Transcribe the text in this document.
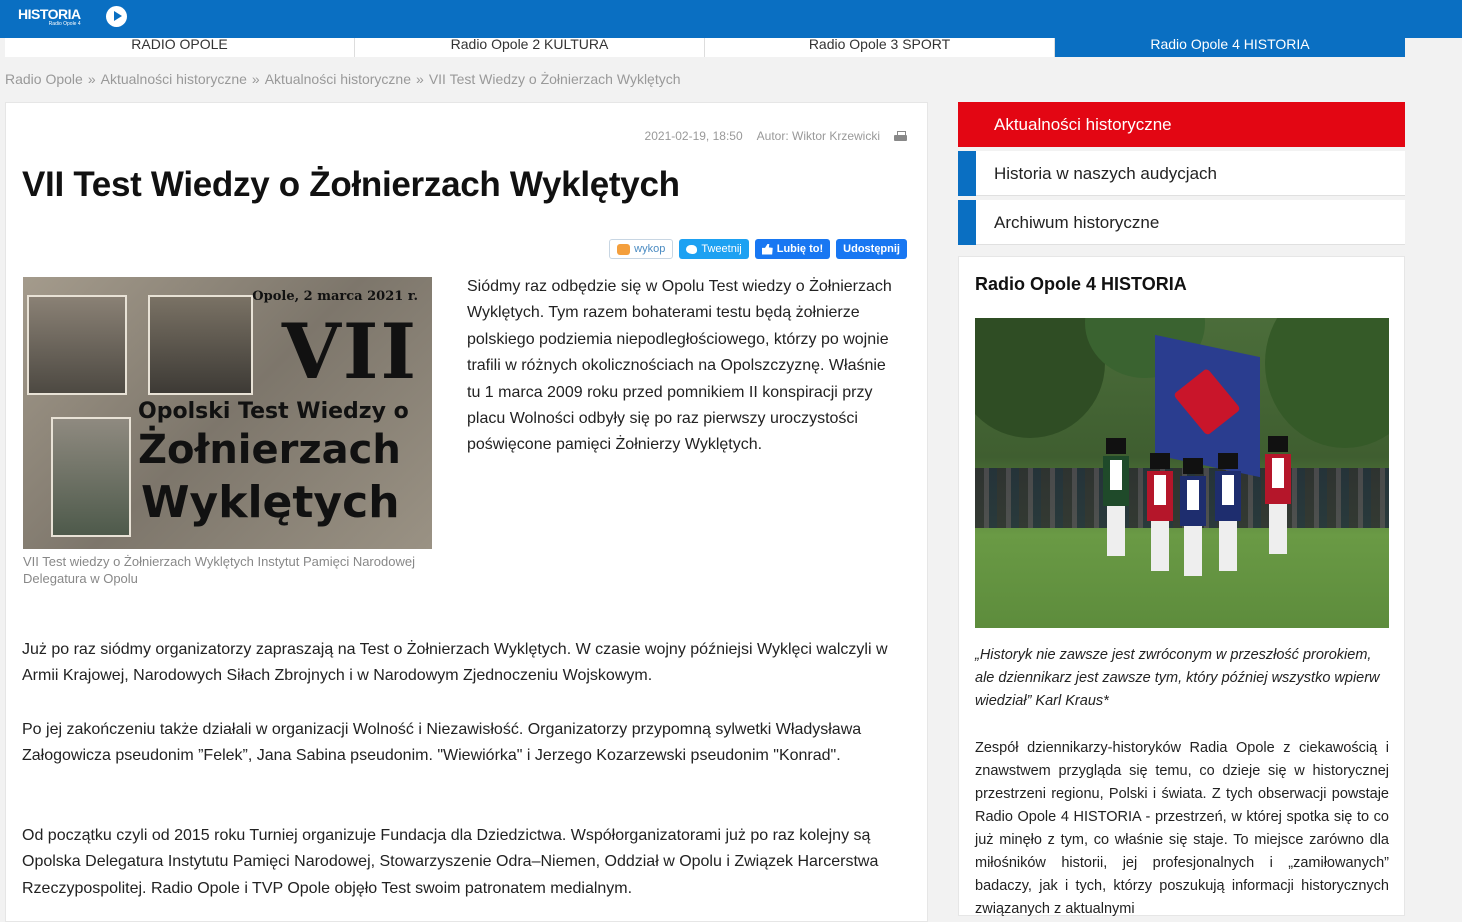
HISTORIA
Radio Opole 4
RADIO OPOLE	Radio Opole 2 KULTURA	Radio Opole 3 SPORT	Radio Opole 4 HISTORIA
Radio Opole » Aktualności historyczne » Aktualności historyczne » VII Test Wiedzy o Żołnierzach Wyklętych
2021-02-19, 18:50 Autor: Wiktor Krzewicki
VII Test Wiedzy o Żołnierzach Wyklętych
wykop	Tweetnij	Lubię to! Udostępnij
Opole, 2 marca 2021 r.
VII
Opolski Test Wiedzy o
Żołnierzach
Wyklętych
VII Test wiedzy o Żołnierzach Wyklętych Instytut Pamięci Narodowej Delegatura w Opolu
Siódmy raz odbędzie się w Opolu Test wiedzy o Żołnierzach Wyklętych. Tym razem bohaterami testu będą żołnierze polskiego podziemia niepodległościowego, którzy po wojnie trafili w różnych okolicznościach na Opolszczyznę. Właśnie tu 1 marca 2009 roku przed pomnikiem II konspiracji przy placu Wolności odbyły się po raz pierwszy uroczystości poświęcone pamięci Żołnierzy Wyklętych.

Już po raz siódmy organizatorzy zapraszają na Test o Żołnierzach Wyklętych. W czasie wojny późniejsi Wyklęci walczyli w Armii Krajowej, Narodowych Siłach Zbrojnych i w Narodowym Zjednoczeniu Wojskowym.

Po jej zakończeniu także działali w organizacji Wolność i Niezawisłość. Organizatorzy przypomną sylwetki Władysława Załogowicza pseudonim ”Felek”, Jana Sabina pseudonim. "Wiewiórka" i Jerzego Kozarzewski pseudonim "Konrad".

Od początku czyli od 2015 roku Turniej organizuje Fundacja dla Dziedzictwa. Współorganizatorami już po raz kolejny są Opolska Delegatura Instytutu Pamięci Narodowej, Stowarzyszenie Odra–Niemen, Oddział w Opolu i Związek Harcerstwa Rzeczypospolitej. Radio Opole i TVP Opole objęło Test swoim patronatem medialnym.

Aktualności historyczne
Historia w naszych audycjach
Archiwum historyczne
Radio Opole 4 HISTORIA

„Historyk nie zawsze jest zwróconym w przeszłość prorokiem, ale dziennikarz jest zawsze tym, który później wszystko wpierw wiedział” Karl Kraus*

Zespół dziennikarzy-historyków Radia Opole z ciekawością i znawstwem przygląda się temu, co dzieje się w historycznej przestrzeni regionu, Polski i świata. Z tych obserwacji powstaje Radio Opole 4 HISTORIA - przestrzeń, w której spotka się to co już minęło z tym, co właśnie się staje. To miejsce zarówno dla miłośników historii, jej profesjonalnych i „zamiłowanych” badaczy, jak i tych, którzy poszukują informacji historycznych związanych z aktualnymi
